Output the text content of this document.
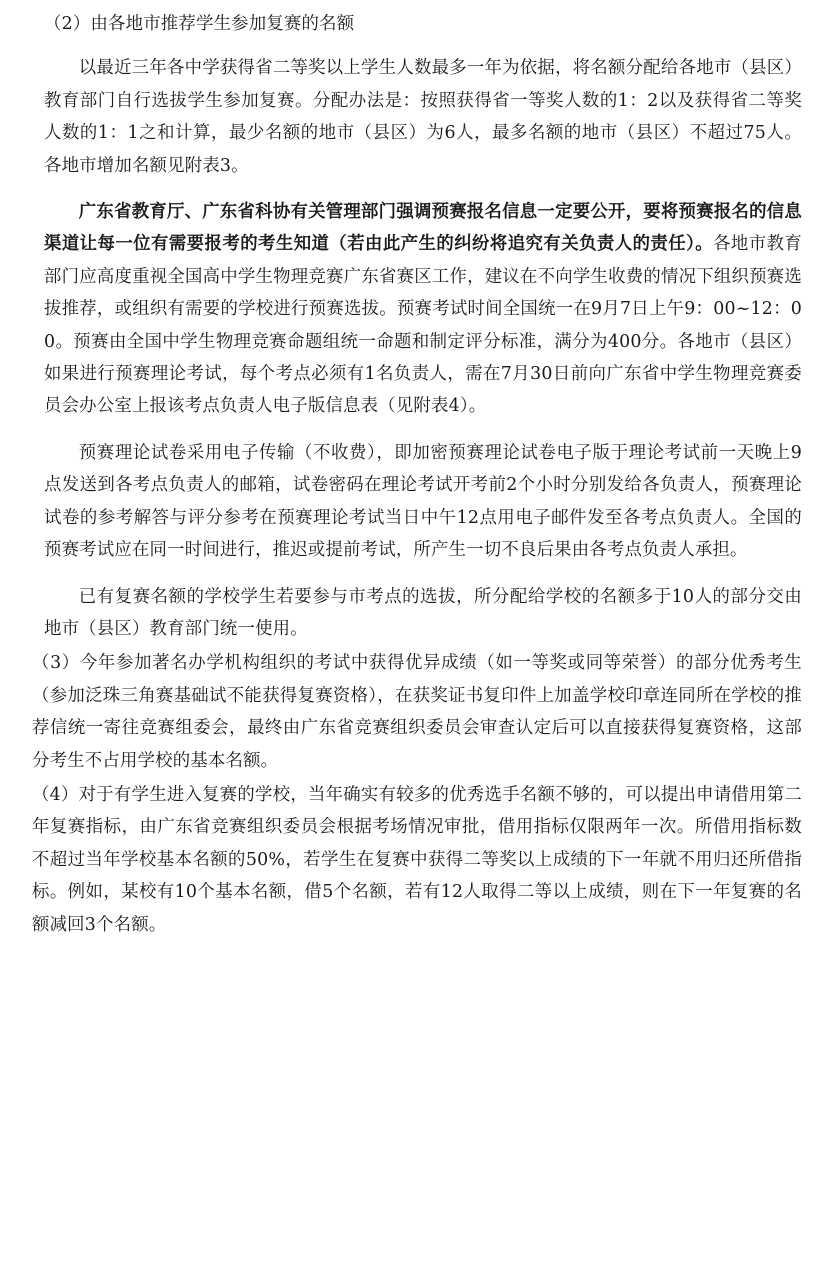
（2）由各地市推荐学生参加复赛的名额

以最近三年各中学获得省二等奖以上学生人数最多一年为依据，将名额分配给各地市（县区）教育部门自行选拔学生参加复赛。分配办法是：按照获得省一等奖人数的1：2以及获得省二等奖人数的1：1之和计算，最少名额的地市（县区）为6人，最多名额的地市（县区）不超过75人。各地市增加名额见附表3。

广东省教育厅、广东省科协有关管理部门强调预赛报名信息一定要公开，要将预赛报名的信息渠道让每一位有需要报考的考生知道（若由此产生的纠纷将追究有关负责人的责任）。各地市教育部门应高度重视全国高中学生物理竞赛广东省赛区工作，建议在不向学生收费的情况下组织预赛选拔推荐，或组织有需要的学校进行预赛选拔。预赛考试时间全国统一在9月7日上午9：00~12：00。预赛由全国中学生物理竞赛命题组统一命题和制定评分标准，满分为400分。各地市（县区）如果进行预赛理论考试，每个考点必须有1名负责人，需在7月30日前向广东省中学生物理竞赛委员会办公室上报该考点负责人电子版信息表（见附表4）。

预赛理论试卷采用电子传输（不收费），即加密预赛理论试卷电子版于理论考试前一天晚上9点发送到各考点负责人的邮箱，试卷密码在理论考试开考前2个小时分别发给各负责人，预赛理论试卷的参考解答与评分参考在预赛理论考试当日中午12点用电子邮件发至各考点负责人。全国的预赛考试应在同一时间进行，推迟或提前考试，所产生一切不良后果由各考点负责人承担。

已有复赛名额的学校学生若要参与市考点的选拔，所分配给学校的名额多于10人的部分交由地市（县区）教育部门统一使用。

（3）今年参加著名办学机构组织的考试中获得优异成绩（如一等奖或同等荣誉）的部分优秀考生（参加泛珠三角赛基础试不能获得复赛资格），在获奖证书复印件上加盖学校印章连同所在学校的推荐信统一寄往竞赛组委会，最终由广东省竞赛组织委员会审查认定后可以直接获得复赛资格，这部分考生不占用学校的基本名额。

（4）对于有学生进入复赛的学校，当年确实有较多的优秀选手名额不够的，可以提出申请借用第二年复赛指标，由广东省竞赛组织委员会根据考场情况审批，借用指标仅限两年一次。所借用指标数不超过当年学校基本名额的50%，若学生在复赛中获得二等奖以上成绩的下一年就不用归还所借指标。例如，某校有10个基本名额，借5个名额，若有12人取得二等以上成绩，则在下一年复赛的名额减回3个名额。
